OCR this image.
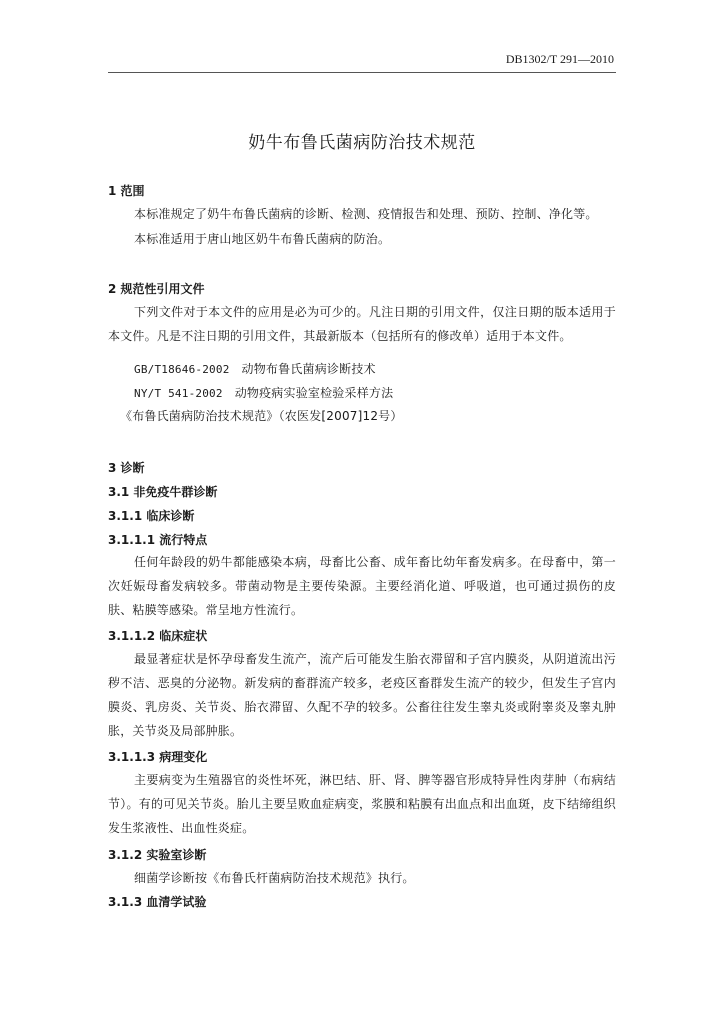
DB1302/T 291—2010
奶牛布鲁氏菌病防治技术规范
1 范围
本标准规定了奶牛布鲁氏菌病的诊断、检测、疫情报告和处理、预防、控制、净化等。
本标准适用于唐山地区奶牛布鲁氏菌病的防治。
2 规范性引用文件
下列文件对于本文件的应用是必为可少的。凡注日期的引用文件，仅注日期的版本适用于本文件。凡是不注日期的引用文件，其最新版本（包括所有的修改单）适用于本文件。
GB/T18646-2002 动物布鲁氏菌病诊断技术
NY/T 541-2002 动物疫病实验室检验采样方法
《布鲁氏菌病防治技术规范》（农医发[2007]12号）
3 诊断
3.1 非免疫牛群诊断
3.1.1 临床诊断
3.1.1.1 流行特点
任何年龄段的奶牛都能感染本病，母畜比公畜、成年畜比幼年畜发病多。在母畜中，第一次妊娠母畜发病较多。带菌动物是主要传染源。主要经消化道、呼吸道，也可通过损伤的皮肤、粘膜等感染。常呈地方性流行。
3.1.1.2 临床症状
最显著症状是怀孕母畜发生流产，流产后可能发生胎衣滞留和子宫内膜炎，从阴道流出污秽不洁、恶臭的分泌物。新发病的畜群流产较多，老疫区畜群发生流产的较少，但发生子宫内膜炎、乳房炎、关节炎、胎衣滞留、久配不孕的较多。公畜往往发生睾丸炎或附睾炎及睾丸肿胀，关节炎及局部肿胀。
3.1.1.3 病理变化
主要病变为生殖器官的炎性坏死，淋巴结、肝、肾、脾等器官形成特异性肉芽肿（布病结节）。有的可见关节炎。胎儿主要呈败血症病变，浆膜和粘膜有出血点和出血斑，皮下结缔组织发生浆液性、出血性炎症。
3.1.2 实验室诊断
细菌学诊断按《布鲁氏杆菌病防治技术规范》执行。
3.1.3 血清学试验
